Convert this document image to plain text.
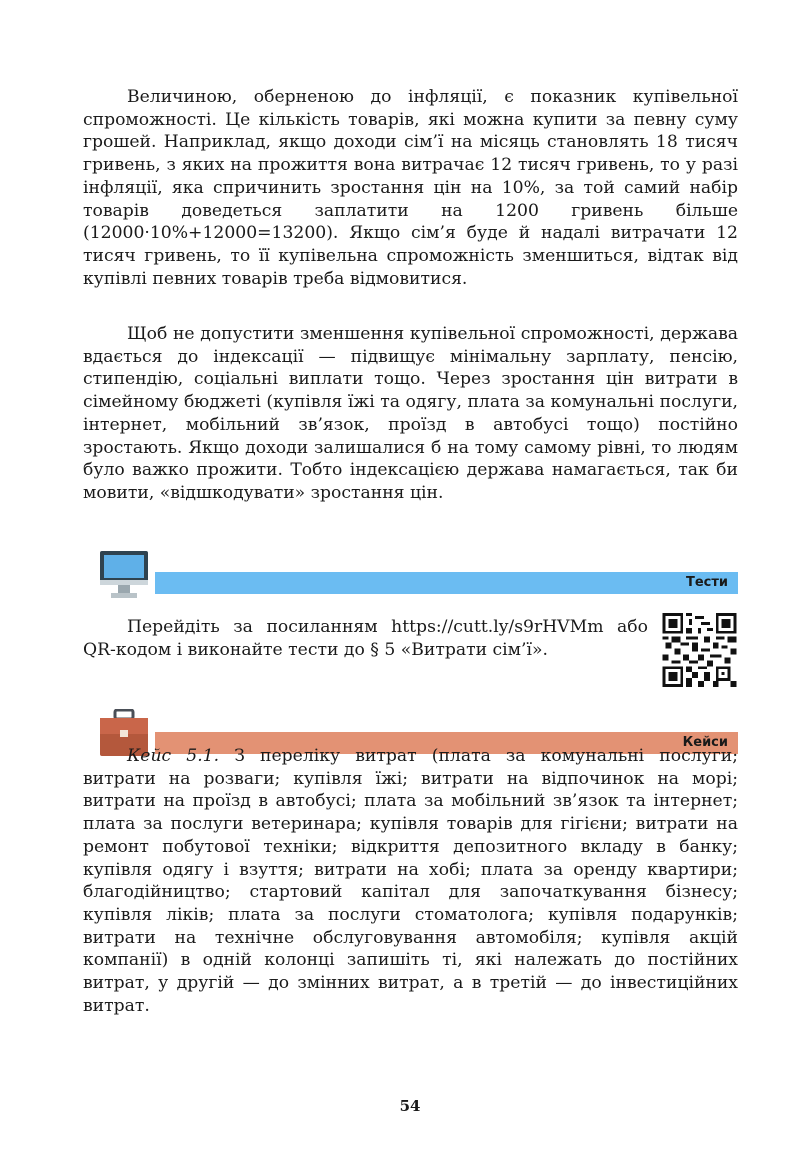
Величиною, оберненою до інфляції, є показник купівельної спроможності. Це кількість товарів, які можна купити за певну суму грошей. Наприклад, якщо доходи сім’ї на місяць становлять 18 тисяч гривень, з яких на прожиття вона витрачає 12 тисяч гривень, то у разі інфляції, яка спричинить зростання цін на 10%, за той самий набір товарів доведеться заплатити на 1200 гривень більше (12000·10%+12000=13200). Якщо сім’я буде й надалі витрачати 12 тисяч гривень, то її купівельна спроможність зменшиться, відтак від купівлі певних товарів треба відмовитися.

Щоб не допустити зменшення купівельної спроможності, держава вдається до індексації — підвищує мінімальну зарплату, пенсію, стипендію, соціальні виплати тощо. Через зростання цін витрати в сімейному бюджеті (купівля їжі та одягу, плата за комунальні послуги, інтернет, мобільний зв’язок, проїзд в автобусі тощо) постійно зростають. Якщо доходи залишалися б на тому самому рівні, то людям було важко прожити. Тобто індексацією держава намагається, так би мовити, «відшкодувати» зростання цін.

Тести

Перейдіть за посиланням https://cutt.ly/s9rHVMm або QR-кодом і виконайте тести до § 5 «Витрати сім’ї».

Кейси

Кейс 5.1. З переліку витрат (плата за комунальні послуги; витрати на розваги; купівля їжі; витрати на відпочинок на морі; витрати на проїзд в автобусі; плата за мобільний зв’язок та інтернет; плата за послуги ветеринара; купівля товарів для гігієни; витрати на ремонт побутової техніки; відкриття депозитного вкладу в банку; купівля одягу і взуття; витрати на хобі; плата за оренду квартири; благодійництво; стартовий капітал для започаткування бізнесу; купівля ліків; плата за послуги стоматолога; купівля подарунків; витрати на технічне обслуговування автомобіля; купівля акцій компанії) в одній колонці запишіть ті, які належать до постійних витрат, у другій — до змінних витрат, а в третій — до інвестиційних витрат.

54
